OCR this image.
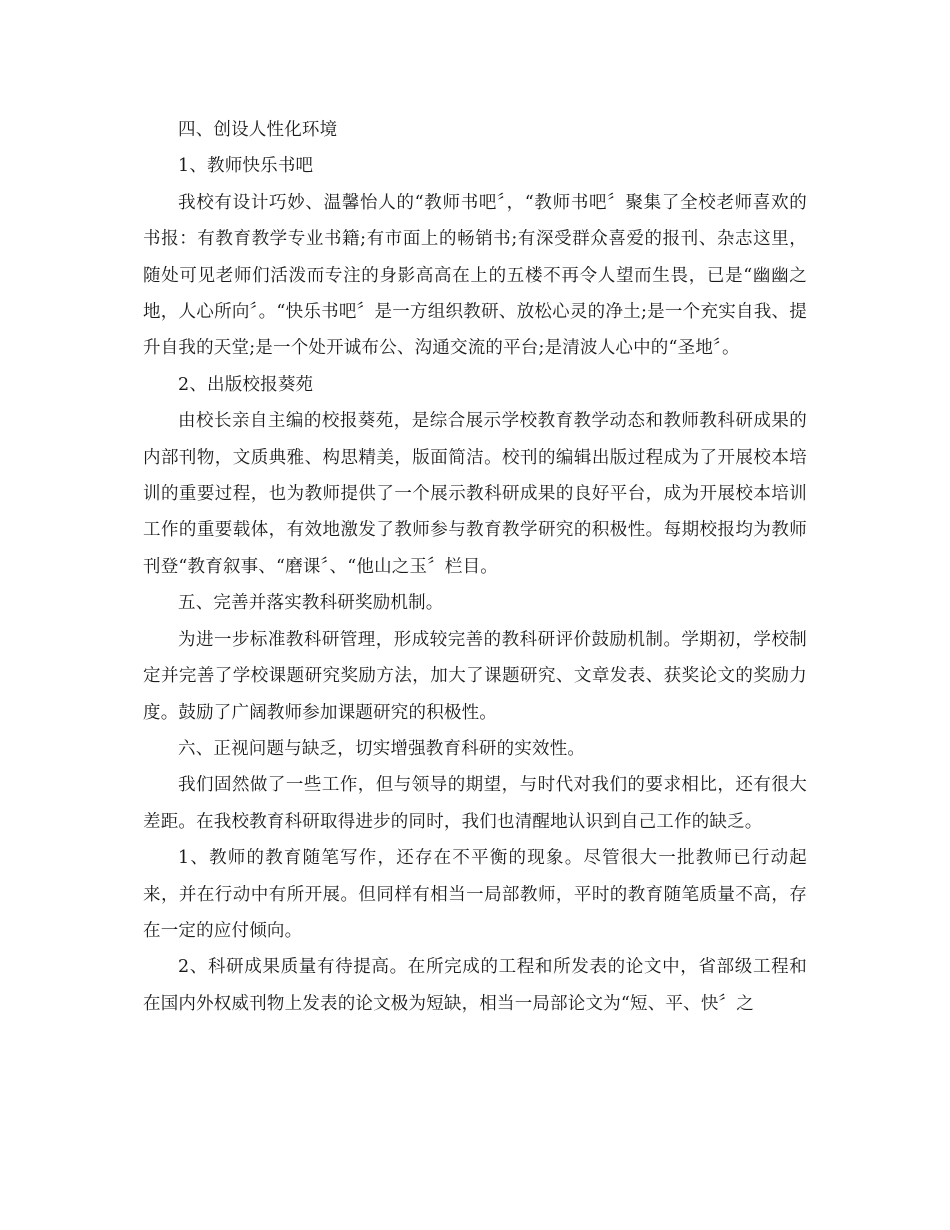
四、创设人性化环境

1、教师快乐书吧

我校有设计巧妙、温馨怡人的“教师书吧〞，“教师书吧〞聚集了全校老师喜欢的书报：有教育教学专业书籍;有市面上的畅销书;有深受群众喜爱的报刊、杂志这里，随处可见老师们活泼而专注的身影高高在上的五楼不再令人望而生畏，已是“幽幽之地，人心所向〞。“快乐书吧〞是一方组织教研、放松心灵的净土;是一个充实自我、提升自我的天堂;是一个处开诚布公、沟通交流的平台;是清波人心中的“圣地〞。

2、出版校报葵苑

由校长亲自主编的校报葵苑，是综合展示学校教育教学动态和教师教科研成果的内部刊物，文质典雅、构思精美，版面简洁。校刊的编辑出版过程成为了开展校本培训的重要过程，也为教师提供了一个展示教科研成果的良好平台，成为开展校本培训工作的重要载体，有效地激发了教师参与教育教学研究的积极性。每期校报均为教师刊登“教育叙事、“磨课〞、“他山之玉〞栏目。

五、完善并落实教科研奖励机制。

为进一步标准教科研管理，形成较完善的教科研评价鼓励机制。学期初，学校制定并完善了学校课题研究奖励方法，加大了课题研究、文章发表、获奖论文的奖励力度。鼓励了广阔教师参加课题研究的积极性。

六、正视问题与缺乏，切实增强教育科研的实效性。

我们固然做了一些工作，但与领导的期望，与时代对我们的要求相比，还有很大差距。在我校教育科研取得进步的同时，我们也清醒地认识到自己工作的缺乏。

1、教师的教育随笔写作，还存在不平衡的现象。尽管很大一批教师已行动起来，并在行动中有所开展。但同样有相当一局部教师，平时的教育随笔质量不高，存在一定的应付倾向。

2、科研成果质量有待提高。在所完成的工程和所发表的论文中，省部级工程和在国内外权威刊物上发表的论文极为短缺，相当一局部论文为“短、平、快〞之
